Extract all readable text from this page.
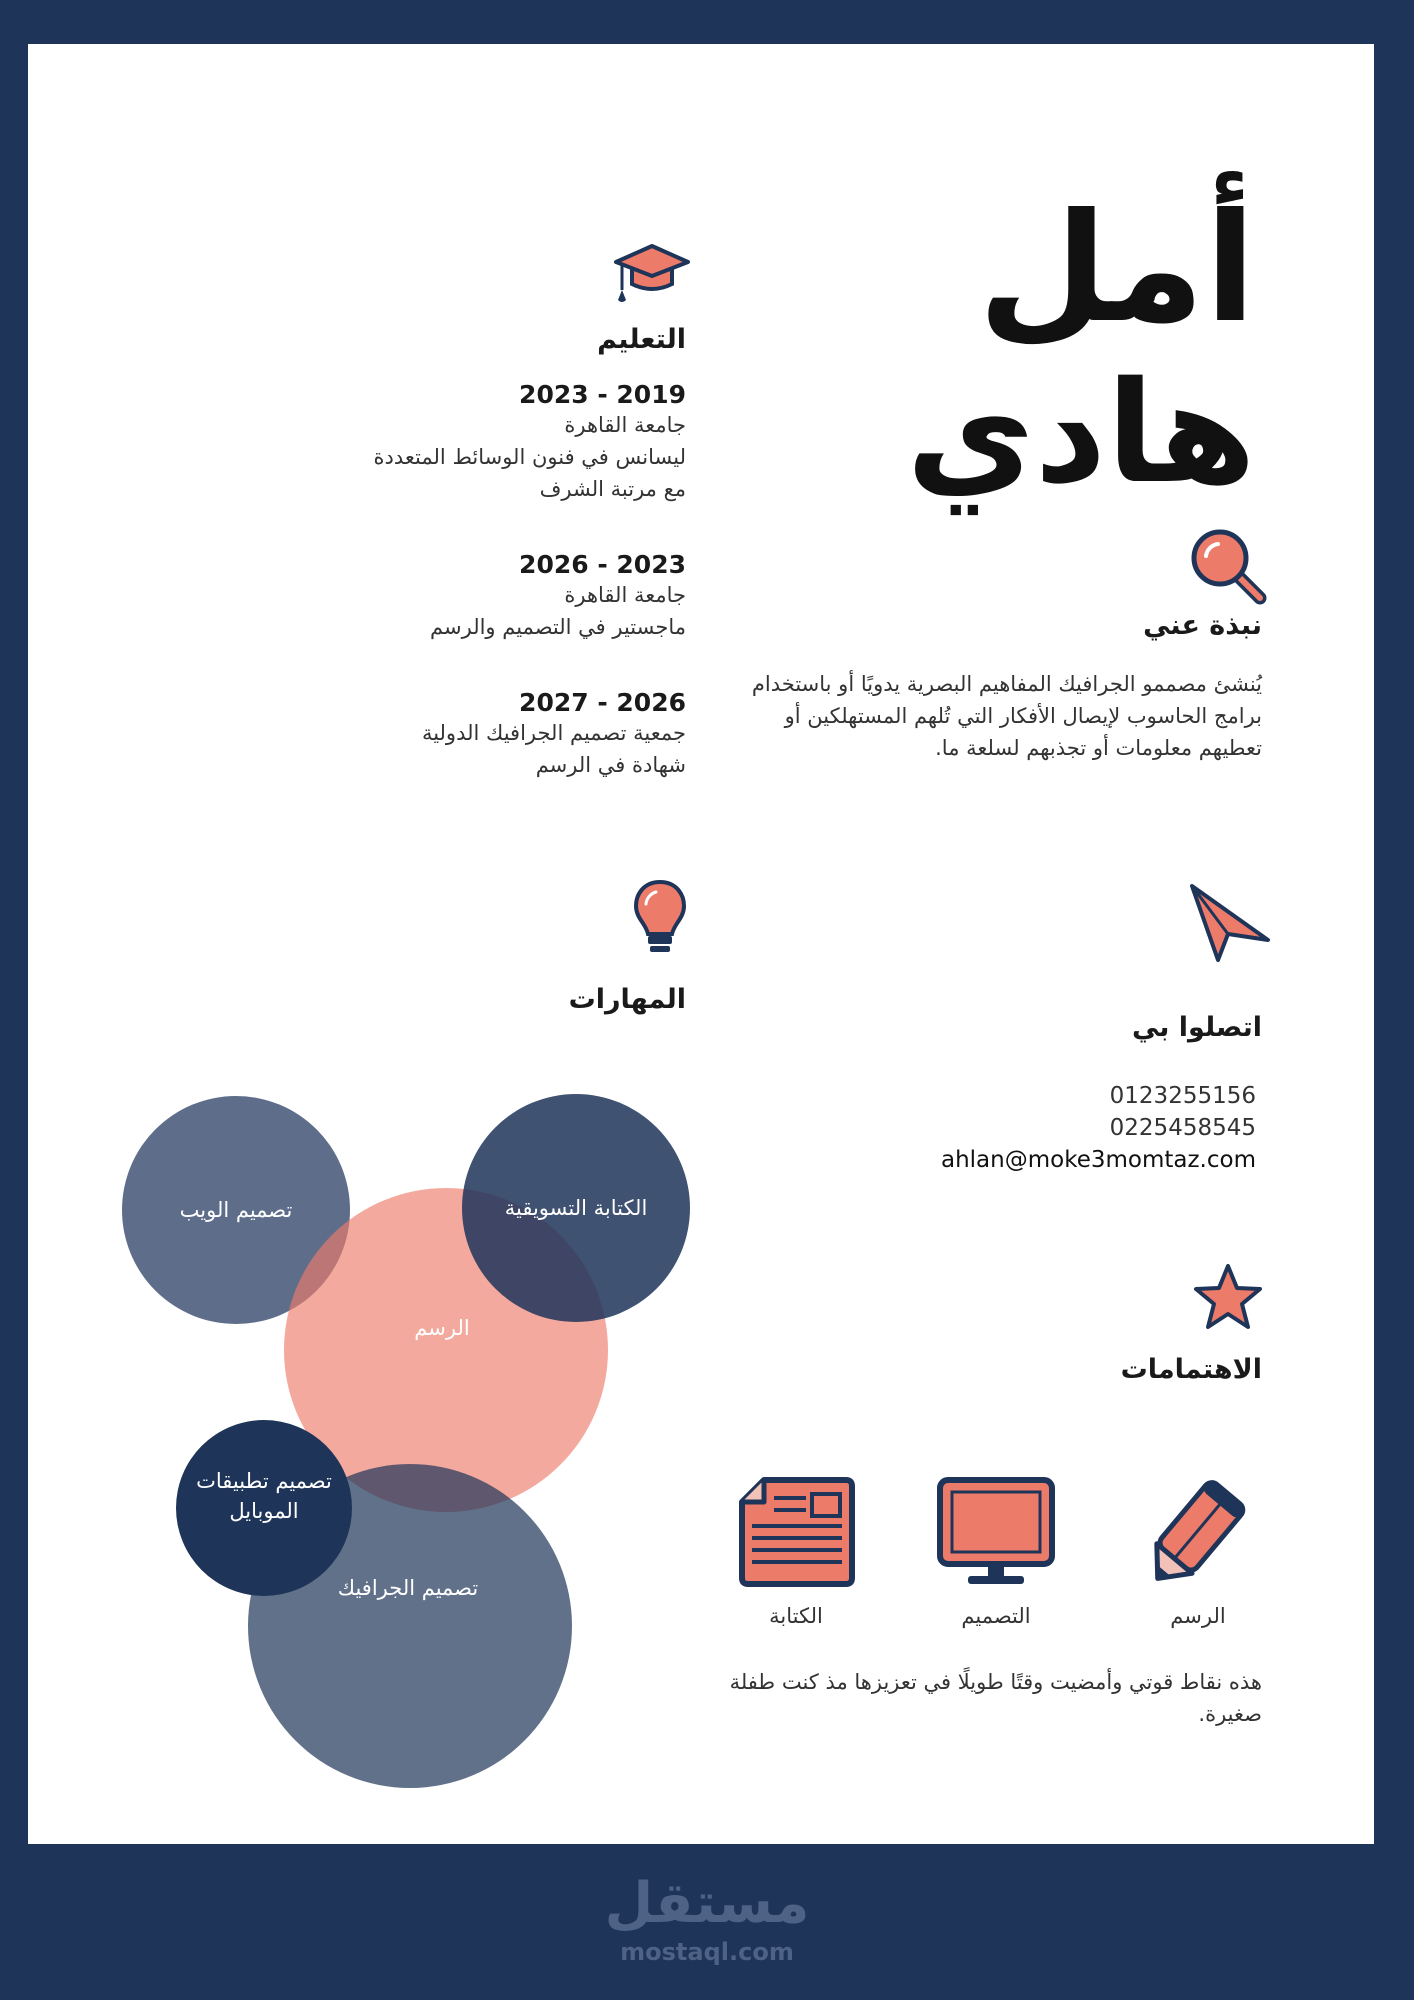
أمل
هادي
نبذة عني

يُنشئ مصممو الجرافيك المفاهيم البصرية يدويًا أو باستخدام برامج الحاسوب لإيصال الأفكار التي تُلهم المستهلكين أو تعطيهم معلومات أو تجذبهم لسلعة ما.

التعليم

2023 - 2019

جامعة القاهرة

ليسانس في فنون الوسائط المتعددة

مع مرتبة الشرف

2026 - 2023

جامعة القاهرة

ماجستير في التصميم والرسم

2027 - 2026

جمعية تصميم الجرافيك الدولية

شهادة في الرسم

المهارات
تصميم الويب	الكتابة التسويقية
الرسم
تصميم تطبيقات الموبايل
تصميم الجرافيك
اتصلوا بي
0123255156
0225458545
ahlan@moke3momtaz.com
الاهتمامات
الرسم
التصميم
الكتابة

هذه نقاط قوتي وأمضيت وقتًا طويلًا في تعزيزها مذ كنت طفلة صغيرة.

مستقل
mostaql.com
